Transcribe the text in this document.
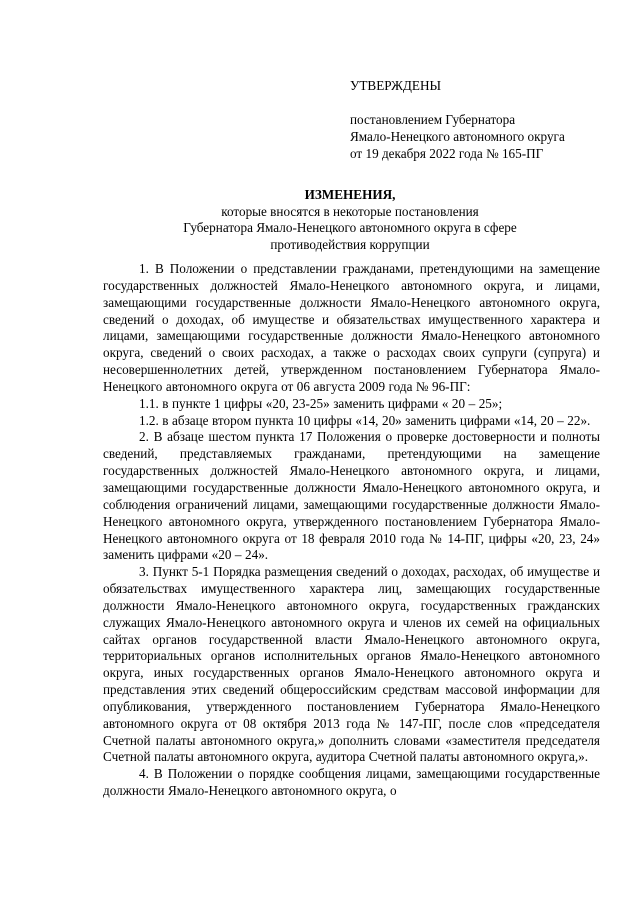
УТВЕРЖДЕНЫ
постановлением Губернатора
Ямало-Ненецкого автономного округа
от 19 декабря 2022 года № 165-ПГ
ИЗМЕНЕНИЯ,
которые вносятся в некоторые постановления
Губернатора Ямало-Ненецкого автономного округа в сфере
противодействия коррупции

1. В Положении о представлении гражданами, претендующими на замещение государственных должностей Ямало-Ненецкого автономного округа, и лицами, замещающими государственные должности Ямало-Ненецкого автономного округа, сведений о доходах, об имуществе и обязательствах имущественного характера и лицами, замещающими государственные должности Ямало-Ненецкого автономного округа, сведений о своих расходах, а также о расходах своих супруги (супруга) и несовершеннолетних детей, утвержденном постановлением Губернатора Ямало-Ненецкого автономного округа от 06 августа 2009 года № 96-ПГ:

1.1. в пункте 1 цифры «20, 23-25» заменить цифрами « 20 – 25»;

1.2. в абзаце втором пункта 10 цифры «14, 20» заменить цифрами «14, 20 – 22».

2. В абзаце шестом пункта 17 Положения о проверке достоверности и полноты сведений, представляемых гражданами, претендующими на замещение государственных должностей Ямало-Ненецкого автономного округа, и лицами, замещающими государственные должности Ямало-Ненецкого автономного округа, и соблюдения ограничений лицами, замещающими государственные должности Ямало-Ненецкого автономного округа, утвержденного постановлением Губернатора Ямало-Ненецкого автономного округа от 18 февраля 2010 года № 14-ПГ, цифры «20, 23, 24» заменить цифрами «20 – 24».

3. Пункт 5-1 Порядка размещения сведений о доходах, расходах, об имуществе и обязательствах имущественного характера лиц, замещающих государственные должности Ямало-Ненецкого автономного округа, государственных гражданских служащих Ямало-Ненецкого автономного округа и членов их семей на официальных сайтах органов государственной власти Ямало-Ненецкого автономного округа, территориальных органов исполнительных органов Ямало-Ненецкого автономного округа, иных государственных органов Ямало-Ненецкого автономного округа и представления этих сведений общероссийским средствам массовой информации для опубликования, утвержденного постановлением Губернатора Ямало-Ненецкого автономного округа от 08 октября 2013 года № 147-ПГ, после слов «председателя Счетной палаты автономного округа,» дополнить словами «заместителя председателя Счетной палаты автономного округа, аудитора Счетной палаты автономного округа,».

4. В Положении о порядке сообщения лицами, замещающими государственные должности Ямало-Ненецкого автономного округа, о
